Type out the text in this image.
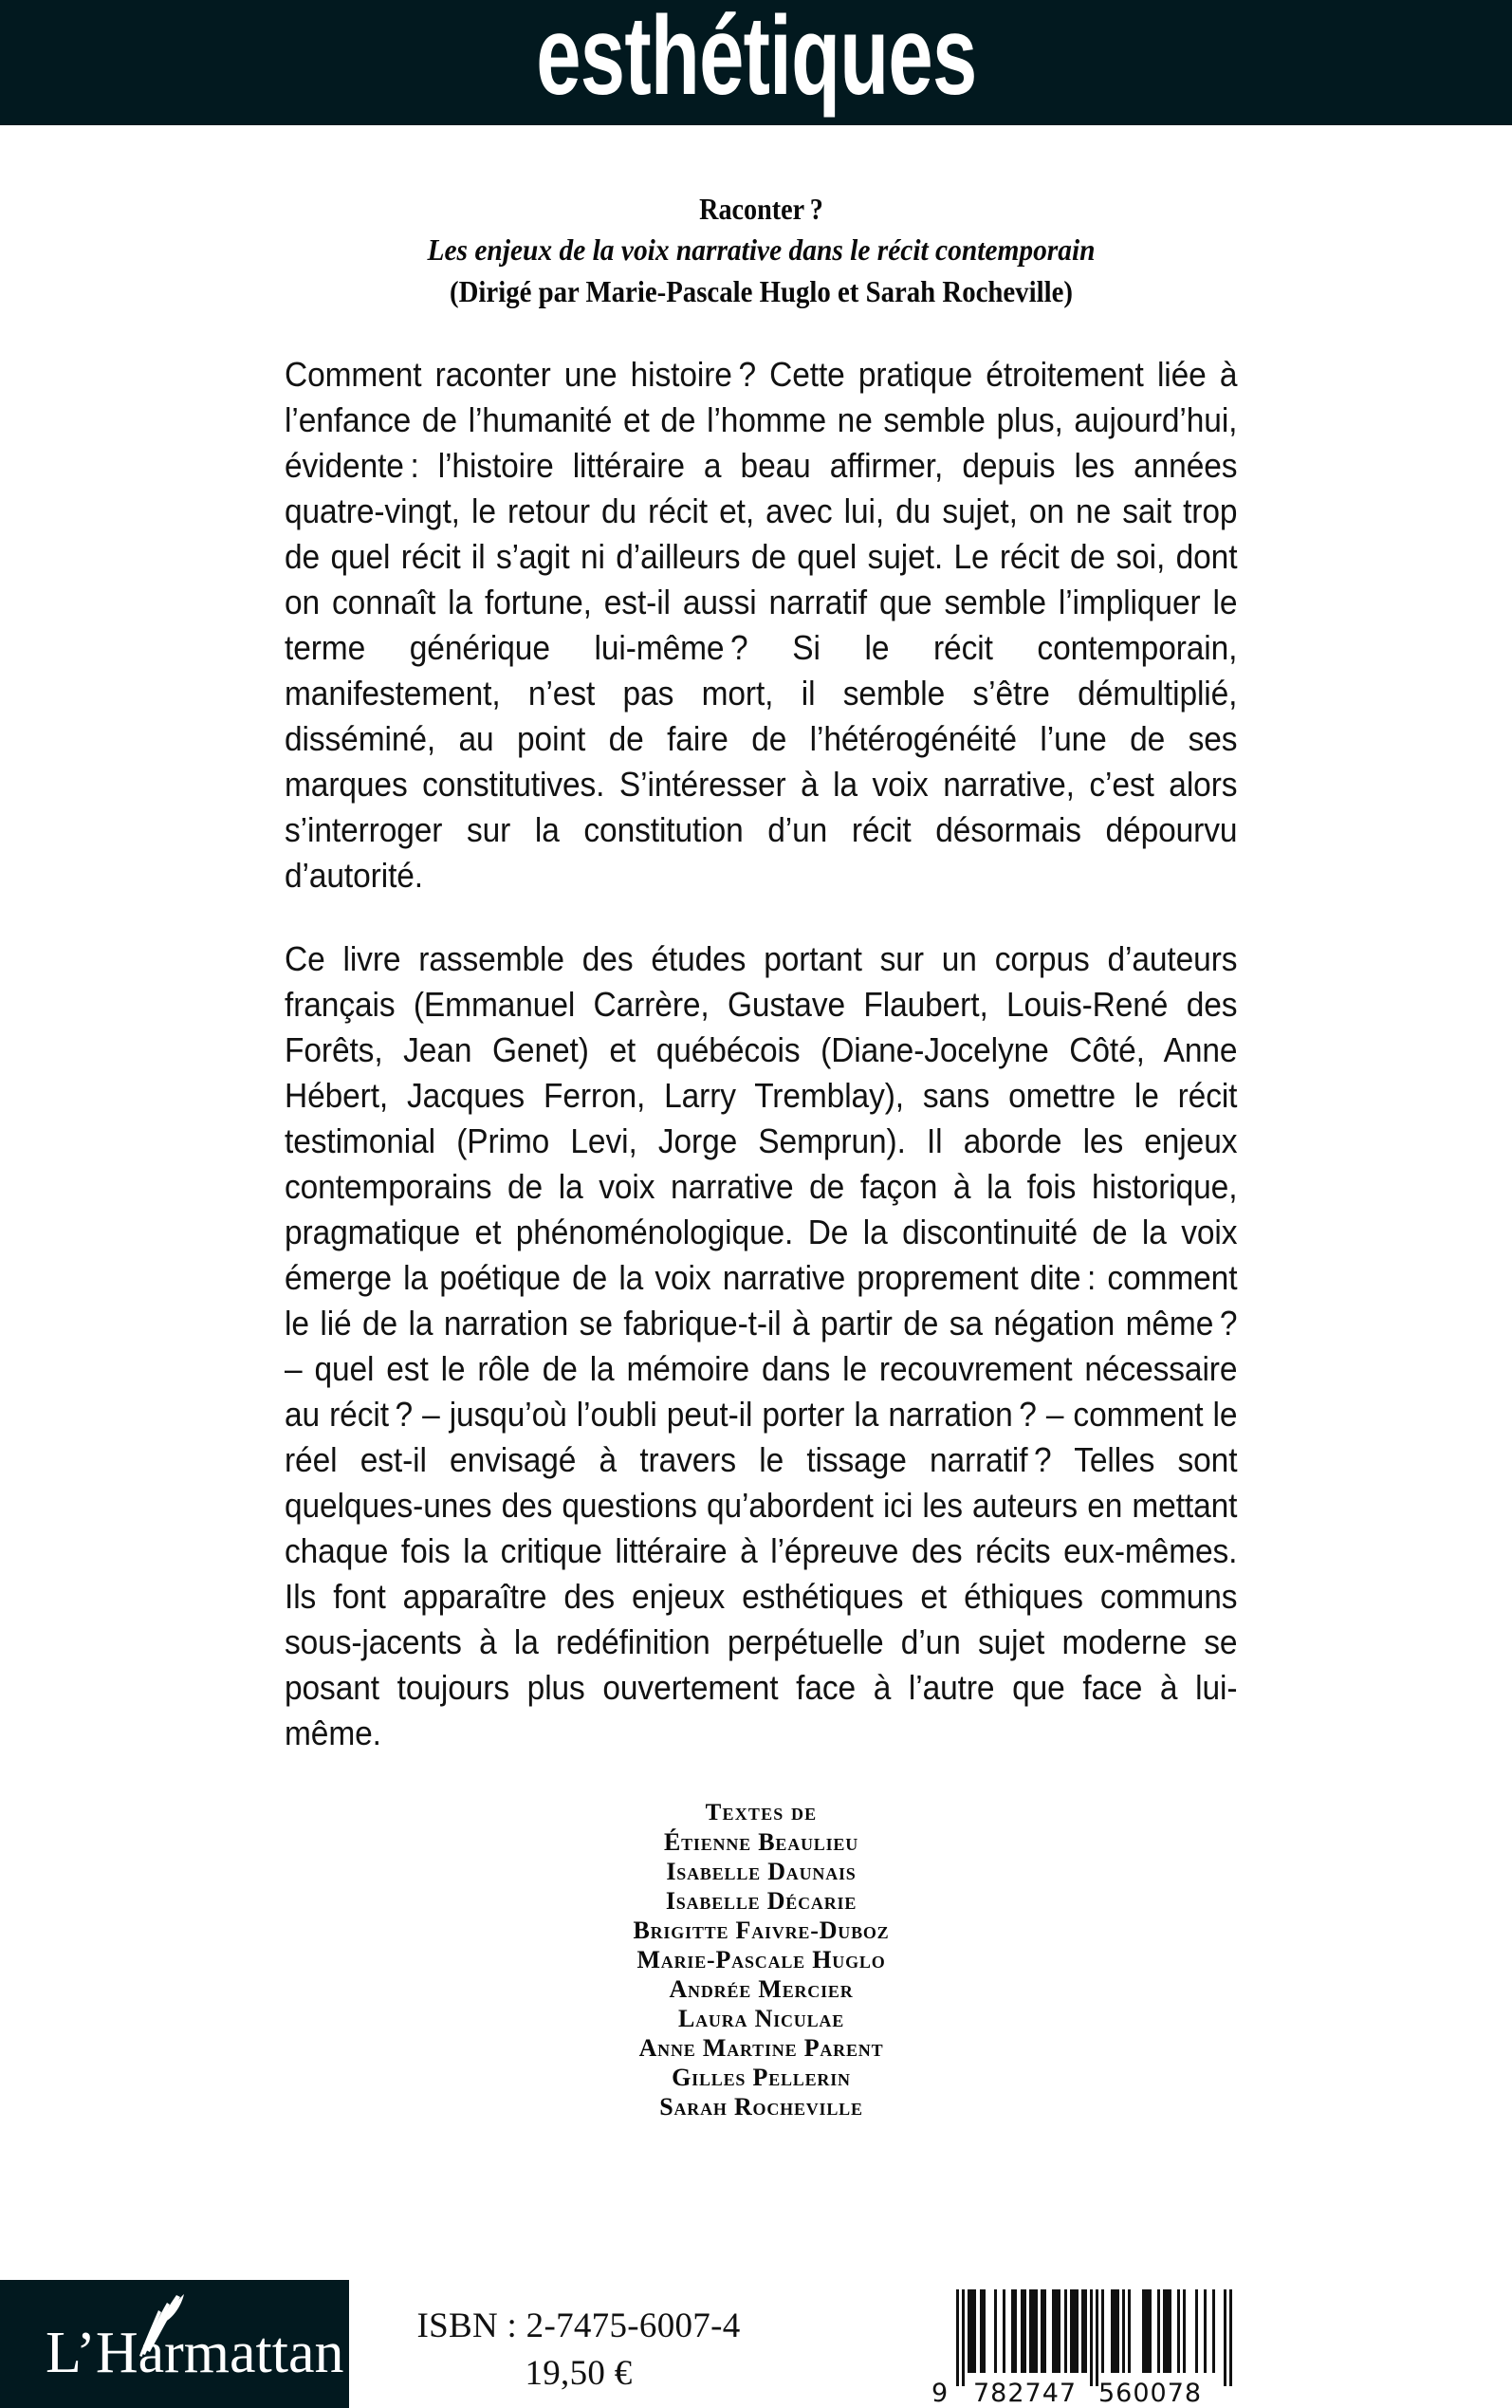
esthétiques
Raconter ?
Les enjeux de la voix narrative dans le récit contemporain
(Dirigé par Marie-Pascale Huglo et Sarah Rocheville)

Comment raconter une histoire ? Cette pratique étroitement liée à l’enfance de l’humanité et de l’homme ne semble plus, aujourd’hui, évidente : l’histoire littéraire a beau affirmer, depuis les années quatre-vingt, le retour du récit et, avec lui, du sujet, on ne sait trop de quel récit il s’agit ni d’ailleurs de quel sujet. Le récit de soi, dont on connaît la fortune, est-il aussi narratif que semble l’impliquer le terme générique lui-même ? Si le récit contemporain, manifestement, n’est pas mort, il semble s’être démultiplié, disséminé, au point de faire de l’hétérogénéité l’une de ses marques constitutives. S’intéresser à la voix narrative, c’est alors s’interroger sur la constitution d’un récit désormais dépourvu d’autorité.

Ce livre rassemble des études portant sur un corpus d’auteurs français (Emmanuel Carrère, Gustave Flaubert, Louis-René des Forêts, Jean Genet) et québécois (Diane-Jocelyne Côté, Anne Hébert, Jacques Ferron, Larry Tremblay), sans omettre le récit testimonial (Primo Levi, Jorge Semprun). Il aborde les enjeux contemporains de la voix narrative de façon à la fois historique, pragmatique et phénoménologique. De la discontinuité de la voix émerge la poétique de la voix narrative proprement dite : comment le lié de la narration se fabrique-t-il à partir de sa négation même ? – quel est le rôle de la mémoire dans le recouvrement nécessaire au récit ? – jusqu’où l’oubli peut-il porter la narration ? – comment le réel est-il envisagé à travers le tissage narratif ? Telles sont quelques-unes des questions qu’abordent ici les auteurs en mettant chaque fois la critique littéraire à l’épreuve des récits eux-mêmes. Ils font apparaître des enjeux esthétiques et éthiques communs sous-jacents à la redéfinition perpétuelle d’un sujet moderne se posant toujours plus ouvertement face à l’autre que face à lui-même.

Textes de
Étienne Beaulieu
Isabelle Daunais
Isabelle Décarie
Brigitte Faivre-Duboz
Marie-Pascale Huglo
Andrée Mercier
Laura Niculae
Anne Martine Parent
Gilles Pellerin
Sarah Rocheville
L’Harmattan	ISBN : 2-7475-6007-4
19,50 €
9 782747 560078
